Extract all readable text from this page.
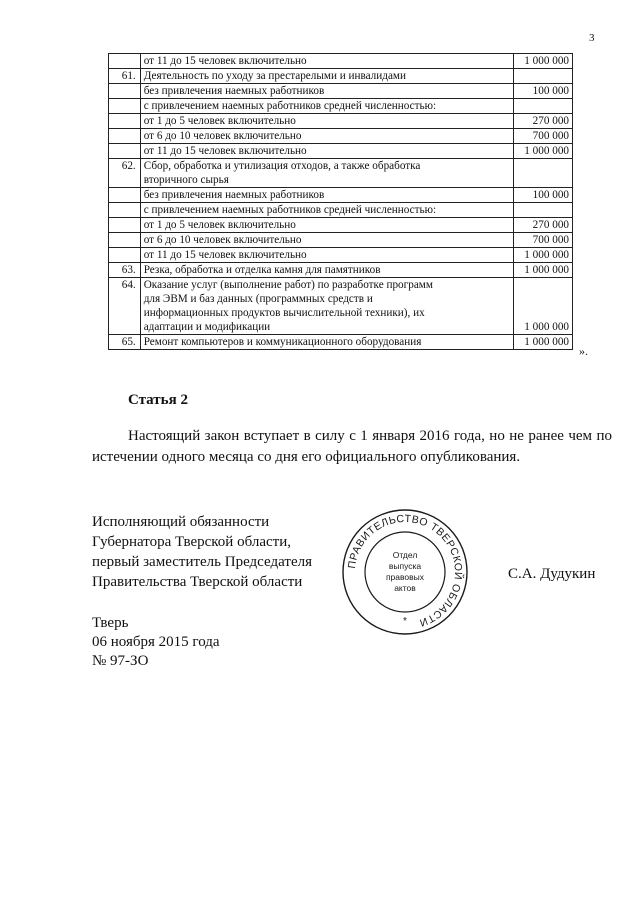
3

	от 11 до 15 человек включительно	1 000 000
61.	Деятельность по уходу за престарелыми и инвалидами	

	без привлечения наемных работников	100 000

	с привлечением наемных работников средней численностью:	

	от 1 до 5 человек включительно	270 000

	от 6 до 10 человек включительно	700 000

	от 11 до 15 человек включительно	1 000 000
62.	Сбор, обработка и утилизация отходов, а также обработка
вторичного сырья	

	без привлечения наемных работников	100 000

	с привлечением наемных работников средней численностью:	

	от 1 до 5 человек включительно	270 000

	от 6 до 10 человек включительно	700 000

	от 11 до 15 человек включительно	1 000 000
63.	Резка, обработка и отделка камня для памятников	1 000 000
64.	Оказание услуг (выполнение работ) по разработке программ
для ЭВМ и баз данных (программных средств и
информационных продуктов вычислительной техники), их
адаптации и модификации	1 000 000
65.	Ремонт компьютеров и коммуникационного оборудования	1 000 000
».
Статья 2

Настоящий закон вступает в силу с 1 января 2016 года, но не ранее чем по истечении одного месяца со дня его официального опубликования.

Исполняющий обязанности
Губернатора Тверской области,
первый заместитель Председателя
Правительства Тверской области
ПРАВИТЕЛЬСТВО ТВЕРСКОЙ ОБЛАСТИ
Отдел
выпуска
правовых
актов
*
С.А. Дудукин
Тверь
06 ноября 2015 года
№ 97-ЗО
